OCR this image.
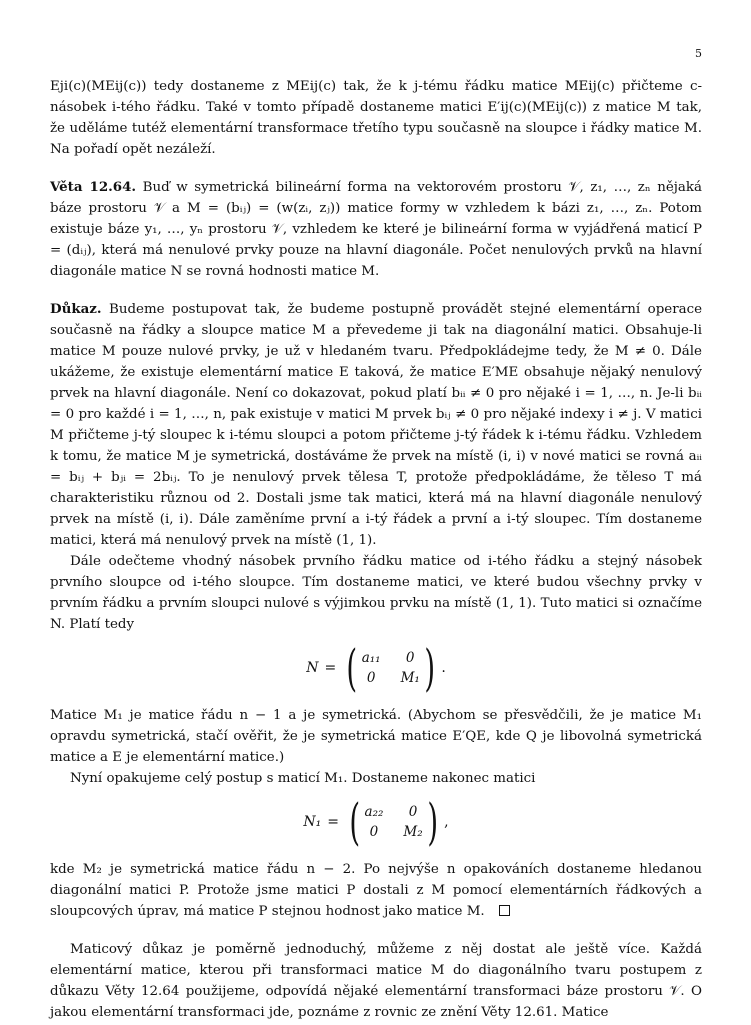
5

Eji(c)(MEij(c)) tedy dostaneme z MEij(c) tak, že k j-tému řádku matice MEij(c) přičteme c-násobek i-tého řádku. Také v tomto případě dostaneme matici E′ij(c)(MEij(c)) z matice M tak, že uděláme tutéž elementární transformace třetího typu současně na sloupce i řádky matice M. Na pořadí opět nezáleží.

Věta 12.64. Buď w symetrická bilineární forma na vektorovém prostoru 𝒱, z₁, …, zₙ nějaká báze prostoru 𝒱 a M = (bᵢⱼ) = (w(zᵢ, zⱼ)) matice formy w vzhledem k bázi z₁, …, zₙ. Potom existuje báze y₁, …, yₙ prostoru 𝒱, vzhledem ke které je bilineární forma w vyjádřená maticí P = (dᵢⱼ), která má nenulové prvky pouze na hlavní diagonále. Počet nenulových prvků na hlavní diagonále matice N se rovná hodnosti matice M.

Důkaz. Budeme postupovat tak, že budeme postupně provádět stejné elementární operace současně na řádky a sloupce matice M a převedeme ji tak na diagonální matici. Obsahuje-li matice M pouze nulové prvky, je už v hledaném tvaru. Předpokládejme tedy, že M ≠ 0. Dále ukážeme, že existuje elementární matice E taková, že matice E′ME obsahuje nějaký nenulový prvek na hlavní diagonále. Není co dokazovat, pokud platí bᵢᵢ ≠ 0 pro nějaké i = 1, …, n. Je-li bᵢᵢ = 0 pro každé i = 1, …, n, pak existuje v matici M prvek bᵢⱼ ≠ 0 pro nějaké indexy i ≠ j. V matici M přičteme j-tý sloupec k i-tému sloupci a potom přičteme j-tý řádek k i-tému řádku. Vzhledem k tomu, že matice M je symetrická, dostáváme že prvek na místě (i, i) v nové matici se rovná aᵢᵢ = bᵢⱼ + bⱼᵢ = 2bᵢⱼ. To je nenulový prvek tělesa T, protože předpokládáme, že těleso T má charakteristiku různou od 2. Dostali jsme tak matici, která má na hlavní diagonále nenulový prvek na místě (i, i). Dále zaměníme první a i-tý řádek a první a i-tý sloupec. Tím dostaneme matici, která má nenulový prvek na místě (1, 1).

Dále odečteme vhodný násobek prvního řádku matice od i-tého řádku a stejný násobek prvního sloupce od i-tého sloupce. Tím dostaneme matici, ve které budou všechny prvky v prvním řádku a prvním sloupci nulové s výjimkou prvku na místě (1, 1). Tuto matici si označíme N. Platí tedy

N = ( a₁₁	0
0	M₁ ) .

Matice M₁ je matice řádu n − 1 a je symetrická. (Abychom se přesvědčili, že je matice M₁ opravdu symetrická, stačí ověřit, že je symetrická matice E′QE, kde Q je libovolná symetrická matice a E je elementární matice.)

Nyní opakujeme celý postup s maticí M₁. Dostaneme nakonec matici

N₁ = ( a₂₂	0
0	M₂ ) ,

kde M₂ je symetrická matice řádu n − 2. Po nejvýše n opakováních dostaneme hledanou diagonální matici P. Protože jsme matici P dostali z M pomocí elementárních řádkových a sloupcových úprav, má matice P stejnou hodnost jako matice M.

Maticový důkaz je poměrně jednoduchý, můžeme z něj dostat ale ještě více. Každá elementární matice, kterou při transformaci matice M do diagonálního tvaru postupem z důkazu Věty 12.64 použijeme, odpovídá nějaké elementární transformaci báze prostoru 𝒱. O jakou elementární transformaci jde, poznáme z rovnic ze znění Věty 12.61. Matice
